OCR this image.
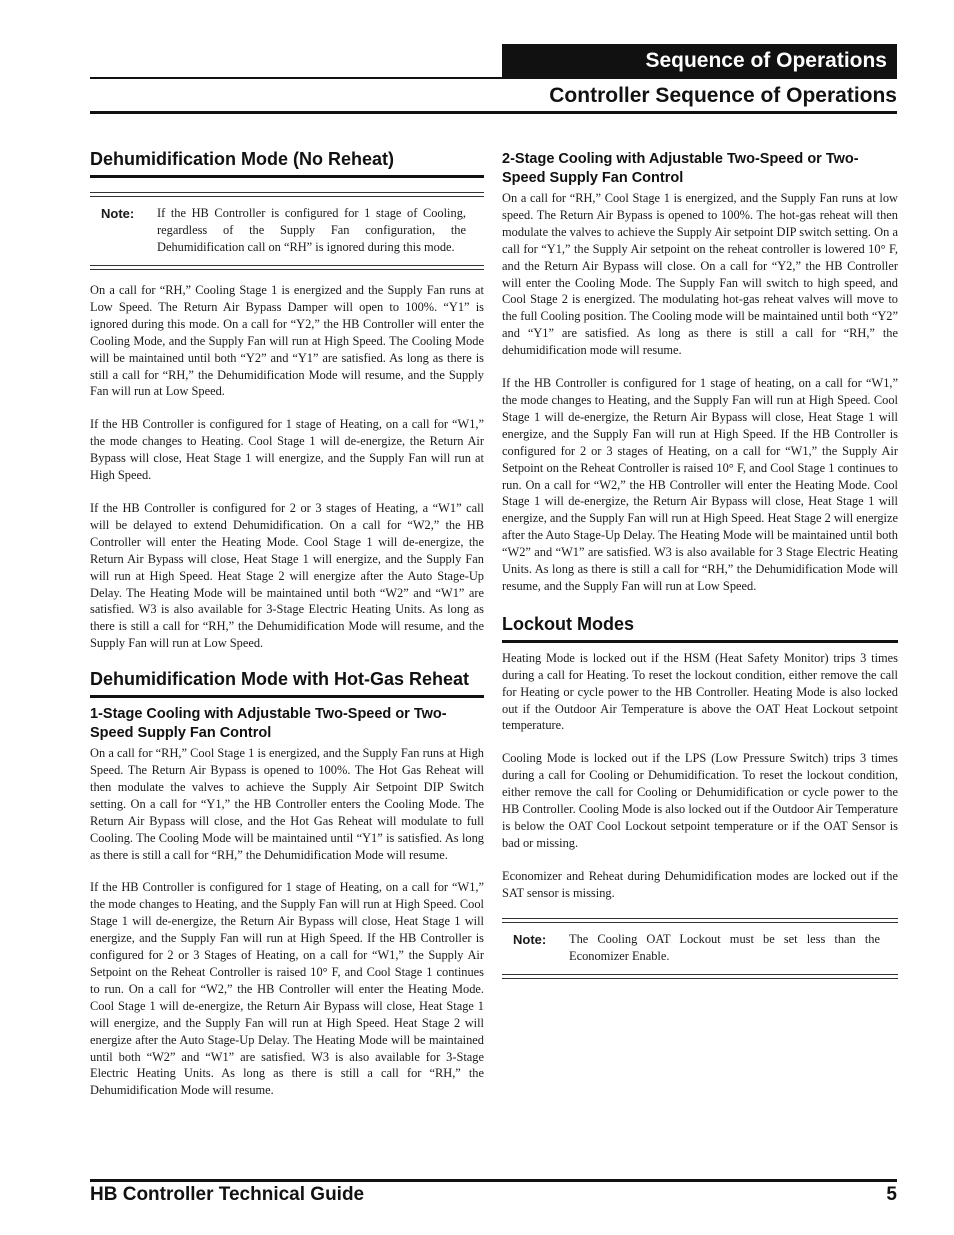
Sequence of Operations
Controller Sequence of Operations
Dehumidification Mode (No Reheat)
Note:	If the HB Controller is configured for 1 stage of Cooling, regardless of the Supply Fan configuration, the Dehumidification call on “RH” is ignored during this mode.

On a call for “RH,” Cooling Stage 1 is energized and the Supply Fan runs at Low Speed. The Return Air Bypass Damper will open to 100%. “Y1” is ignored during this mode. On a call for “Y2,” the HB Controller will enter the Cooling Mode, and the Supply Fan will run at High Speed. The Cooling Mode will be maintained until both “Y2” and “Y1” are satisfied. As long as there is still a call for “RH,” the Dehumidification Mode will resume, and the Supply Fan will run at Low Speed.

If the HB Controller is configured for 1 stage of Heating, on a call for “W1,” the mode changes to Heating. Cool Stage 1 will de-energize, the Return Air Bypass will close, Heat Stage 1 will energize, and the Supply Fan will run at High Speed.

If the HB Controller is configured for 2 or 3 stages of Heating, a “W1” call will be delayed to extend Dehumidification. On a call for “W2,” the HB Controller will enter the Heating Mode. Cool Stage 1 will de-energize, the Return Air Bypass will close, Heat Stage 1 will energize, and the Supply Fan will run at High Speed. Heat Stage 2 will energize after the Auto Stage-Up Delay. The Heating Mode will be maintained until both “W2” and “W1” are satisfied. W3 is also available for 3-Stage Electric Heating Units. As long as there is still a call for “RH,” the Dehumidification Mode will resume, and the Supply Fan will run at Low Speed.

Dehumidification Mode with Hot-Gas Reheat
1-Stage Cooling with Adjustable Two-Speed or Two-Speed Supply Fan Control

On a call for “RH,” Cool Stage 1 is energized, and the Supply Fan runs at High Speed. The Return Air Bypass is opened to 100%. The Hot Gas Reheat will then modulate the valves to achieve the Supply Air Setpoint DIP Switch setting. On a call for “Y1,” the HB Controller enters the Cooling Mode. The Return Air Bypass will close, and the Hot Gas Reheat will modulate to full Cooling. The Cooling Mode will be maintained until “Y1” is satisfied. As long as there is still a call for “RH,” the Dehumidification Mode will resume.

If the HB Controller is configured for 1 stage of Heating, on a call for “W1,” the mode changes to Heating, and the Supply Fan will run at High Speed. Cool Stage 1 will de-energize, the Return Air Bypass will close, Heat Stage 1 will energize, and the Supply Fan will run at High Speed. If the HB Controller is configured for 2 or 3 Stages of Heating, on a call for “W1,” the Supply Air Setpoint on the Reheat Controller is raised 10° F, and Cool Stage 1 continues to run. On a call for “W2,” the HB Controller will enter the Heating Mode. Cool Stage 1 will de-energize, the Return Air Bypass will close, Heat Stage 1 will energize, and the Supply Fan will run at High Speed. Heat Stage 2 will energize after the Auto Stage-Up Delay. The Heating Mode will be maintained until both “W2” and “W1” are satisfied. W3 is also available for 3-Stage Electric Heating Units. As long as there is still a call for “RH,” the Dehumidification Mode will resume.

2-Stage Cooling with Adjustable Two-Speed or Two-Speed Supply Fan Control

On a call for “RH,” Cool Stage 1 is energized, and the Supply Fan runs at low speed. The Return Air Bypass is opened to 100%. The hot-gas reheat will then modulate the valves to achieve the Supply Air setpoint DIP switch setting. On a call for “Y1,” the Supply Air setpoint on the reheat controller is lowered 10° F, and the Return Air Bypass will close. On a call for “Y2,” the HB Controller will enter the Cooling Mode. The Supply Fan will switch to high speed, and Cool Stage 2 is energized. The modulating hot-gas reheat valves will move to the full Cooling position. The Cooling mode will be maintained until both “Y2” and “Y1” are satisfied. As long as there is still a call for “RH,” the dehumidification mode will resume.

If the HB Controller is configured for 1 stage of heating, on a call for “W1,” the mode changes to Heating, and the Supply Fan will run at High Speed. Cool Stage 1 will de-energize, the Return Air Bypass will close, Heat Stage 1 will energize, and the Supply Fan will run at High Speed. If the HB Controller is configured for 2 or 3 stages of Heating, on a call for “W1,” the Supply Air Setpoint on the Reheat Controller is raised 10° F, and Cool Stage 1 continues to run. On a call for “W2,” the HB Controller will enter the Heating Mode. Cool Stage 1 will de-energize, the Return Air Bypass will close, Heat Stage 1 will energize, and the Supply Fan will run at High Speed. Heat Stage 2 will energize after the Auto Stage-Up Delay. The Heating Mode will be maintained until both “W2” and “W1” are satisfied. W3 is also available for 3 Stage Electric Heating Units. As long as there is still a call for “RH,” the Dehumidification Mode will resume, and the Supply Fan will run at Low Speed.

Lockout Modes

Heating Mode is locked out if the HSM (Heat Safety Monitor) trips 3 times during a call for Heating. To reset the lockout condition, either remove the call for Heating or cycle power to the HB Controller. Heating Mode is also locked out if the Outdoor Air Temperature is above the OAT Heat Lockout setpoint temperature.

Cooling Mode is locked out if the LPS (Low Pressure Switch) trips 3 times during a call for Cooling or Dehumidification. To reset the lockout condition, either remove the call for Cooling or Dehumidification or cycle power to the HB Controller. Cooling Mode is also locked out if the Outdoor Air Temperature is below the OAT Cool Lockout setpoint temperature or if the OAT Sensor is bad or missing.

Economizer and Reheat during Dehumidification modes are locked out if the SAT sensor is missing.

Note:	The Cooling OAT Lockout must be set less than the Economizer Enable.
HB Controller Technical Guide	5
